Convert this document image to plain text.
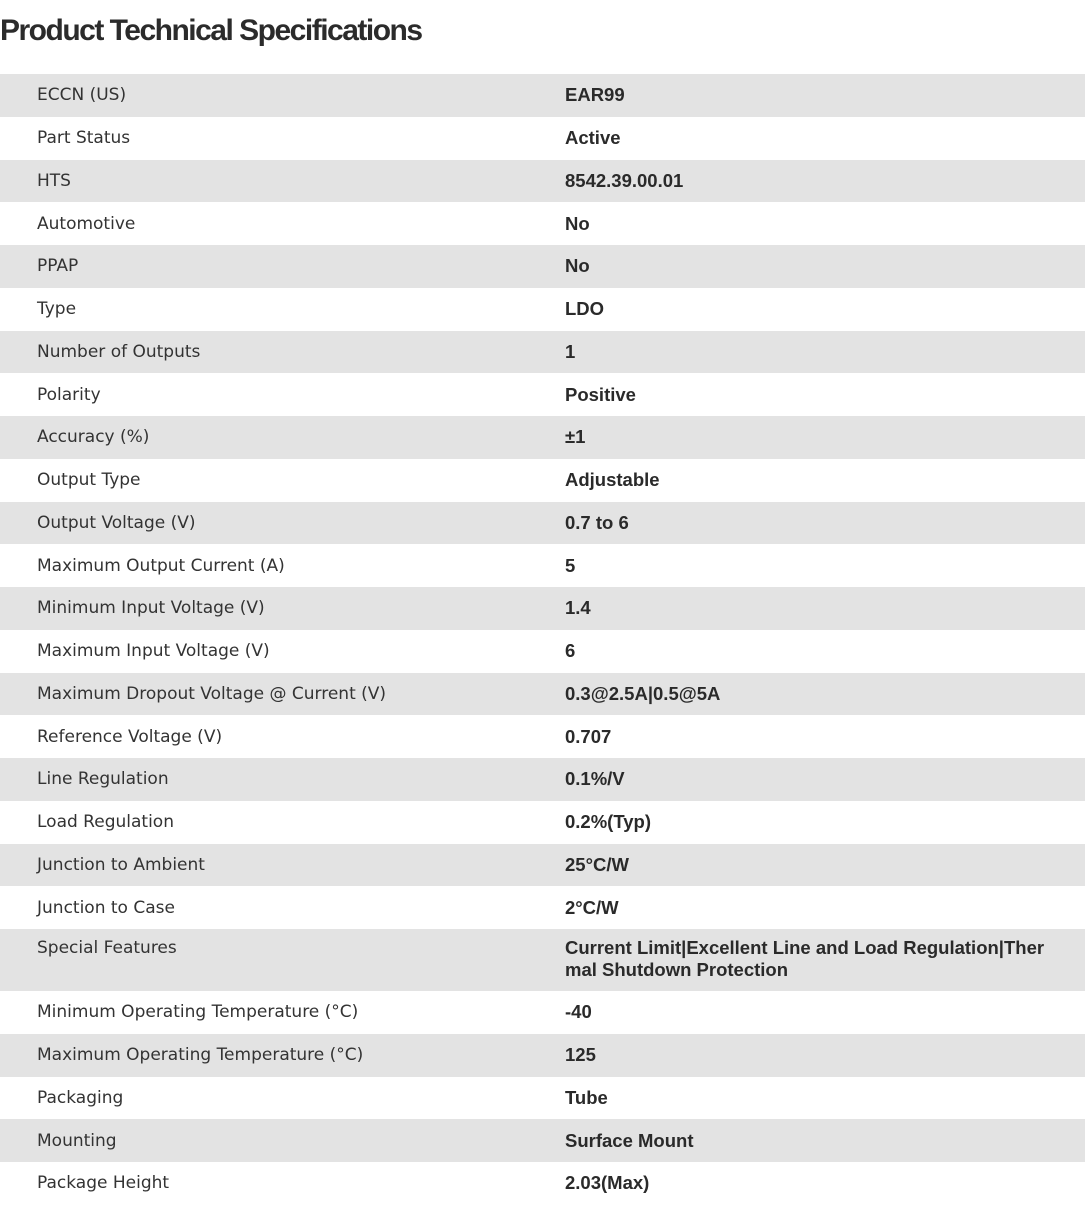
Product Technical Specifications
ECCN (US)	EAR99
Part Status	Active
HTS	8542.39.00.01
Automotive	No
PPAP	No
Type	LDO
Number of Outputs	1
Polarity	Positive
Accuracy (%)	±1
Output Type	Adjustable
Output Voltage (V)	0.7 to 6
Maximum Output Current (A)	5
Minimum Input Voltage (V)	1.4
Maximum Input Voltage (V)	6
Maximum Dropout Voltage @ Current (V)	0.3@2.5A|0.5@5A
Reference Voltage (V)	0.707
Line Regulation	0.1%/V
Load Regulation	0.2%(Typ)
Junction to Ambient	25°C/W
Junction to Case	2°C/W
Special Features	Current Limit|Excellent Line and Load Regulation|Thermal Shutdown Protection
Minimum Operating Temperature (°C)	-40
Maximum Operating Temperature (°C)	125
Packaging	Tube
Mounting	Surface Mount
Package Height	2.03(Max)
